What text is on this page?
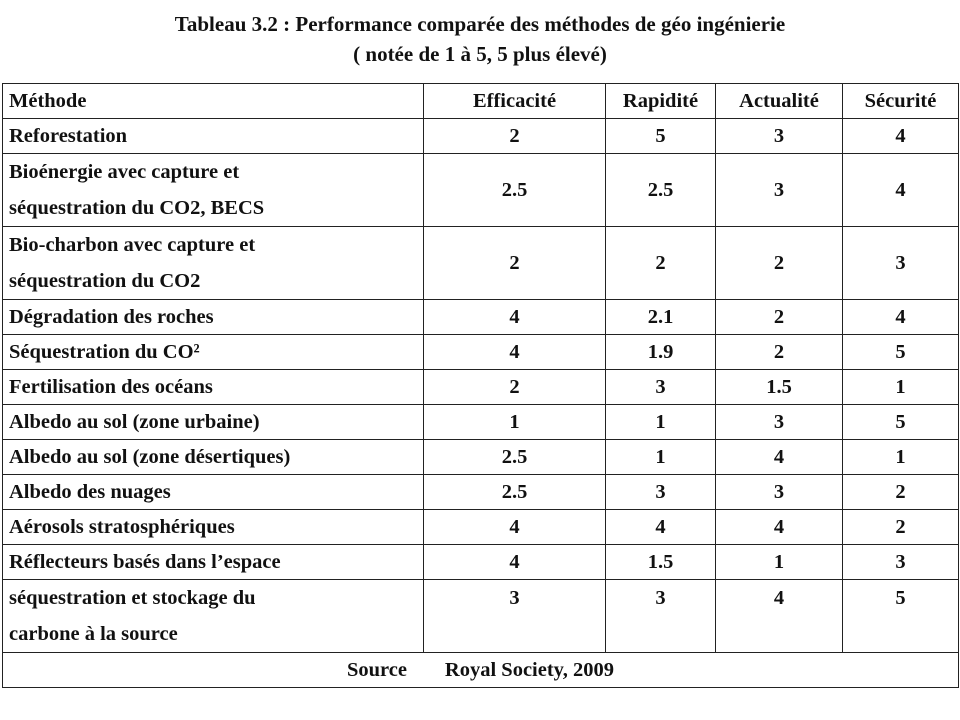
Tableau 3.2 : Performance comparée des méthodes de géo ingénierie
( notée de 1 à 5, 5 plus élevé)
Méthode	Efficacité	Rapidité	Actualité	Sécurité
Reforestation	2	5	3	4
Bioénergie avec capture et
séquestration du CO2, BECS	2.5	2.5	3	4
Bio-charbon avec capture et
séquestration du CO2	2	2	2	3
Dégradation des roches	4	2.1	2	4
Séquestration du CO²	4	1.9	2	5
Fertilisation des océans	2	3	1.5	1
Albedo au sol (zone urbaine)	1	1	3	5
Albedo au sol (zone désertiques)	2.5	1	4	1
Albedo des nuages	2.5	3	3	2
Aérosols stratosphériques	4	4	4	2
Réflecteurs basés dans l’espace	4	1.5	1	3
séquestration et stockage du
carbone à la source	3	3	4	5
Source Royal Society, 2009				
